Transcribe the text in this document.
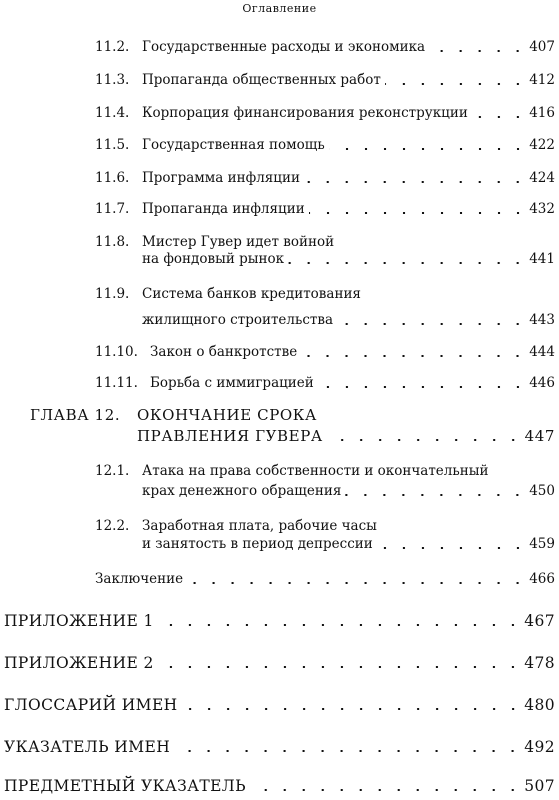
Оглавление
11.2. Государственные расходы и экономика	407
11.3. Пропаганда общественных работ	412
11.4. Корпорация финансирования реконструкции	416
11.5. Государственная помощь	422
11.6. Программа инфляции	424
11.7. Пропаганда инфляции	432
11.8. Мистер Гувер идет войной
на фондовый рынок	441
11.9. Система банков кредитования
жилищного строительства	443
11.10. Закон о банкротстве	444
11.11. Борьба с иммиграцией	446
ГЛАВА 12. ОКОНЧАНИЕ СРОКА
ПРАВЛЕНИЯ ГУВЕРА	447
12.1. Атака на права собственности и окончательный
крах денежного обращения	450
12.2. Заработная плата, рабочие часы
и занятость в период депрессии	459
Заключение	466
ПРИЛОЖЕНИЕ 1	467
ПРИЛОЖЕНИЕ 2	478
ГЛОССАРИЙ ИМЕН	480
УКАЗАТЕЛЬ ИМЕН	492
ПРЕДМЕТНЫЙ УКАЗАТЕЛЬ	507
